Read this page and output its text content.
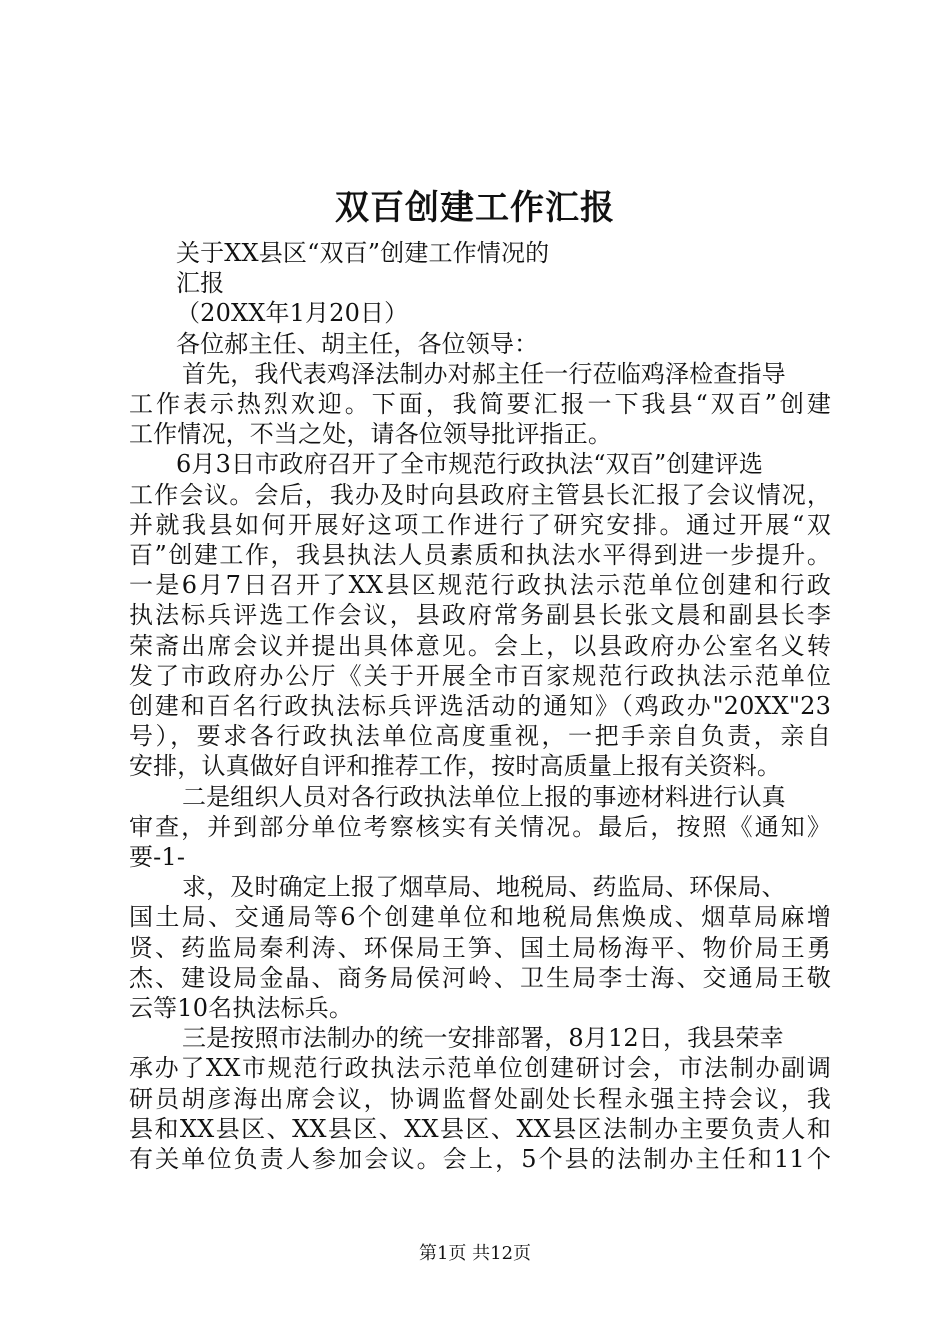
双百创建工作汇报
关于XX县区“双百”创建工作情况的
汇报
（20XX年1月20日）
各位郝主任、胡主任，各位领导：
首先，我代表鸡泽法制办对郝主任一行莅临鸡泽检查指导
工作表示热烈欢迎。下面，我简要汇报一下我县“双百”创建
工作情况，不当之处，请各位领导批评指正。
6月3日市政府召开了全市规范行政执法“双百”创建评选
工作会议。会后，我办及时向县政府主管县长汇报了会议情况，
并就我县如何开展好这项工作进行了研究安排。通过开展“双
百”创建工作，我县执法人员素质和执法水平得到进一步提升。
一是6月7日召开了XX县区规范行政执法示范单位创建和行政
执法标兵评选工作会议，县政府常务副县长张文晨和副县长李
荣斋出席会议并提出具体意见。会上，以县政府办公室名义转
发了市政府办公厅《关于开展全市百家规范行政执法示范单位
创建和百名行政执法标兵评选活动的通知》（鸡政办"20XX"23
号），要求各行政执法单位高度重视，一把手亲自负责，亲自
安排，认真做好自评和推荐工作，按时高质量上报有关资料。
二是组织人员对各行政执法单位上报的事迹材料进行认真
审查，并到部分单位考察核实有关情况。最后，按照《通知》
要-1-
求，及时确定上报了烟草局、地税局、药监局、环保局、
国土局、交通局等6个创建单位和地税局焦焕成、烟草局麻增
贤、药监局秦利涛、环保局王笋、国土局杨海平、物价局王勇
杰、建设局金晶、商务局侯河岭、卫生局李士海、交通局王敬
云等10名执法标兵。
三是按照市法制办的统一安排部署，8月12日，我县荣幸
承办了XX市规范行政执法示范单位创建研讨会，市法制办副调
研员胡彦海出席会议，协调监督处副处长程永强主持会议，我
县和XX县区、XX县区、XX县区、XX县区法制办主要负责人和
有关单位负责人参加会议。会上，5个县的法制办主任和11个
第1页 共12页
